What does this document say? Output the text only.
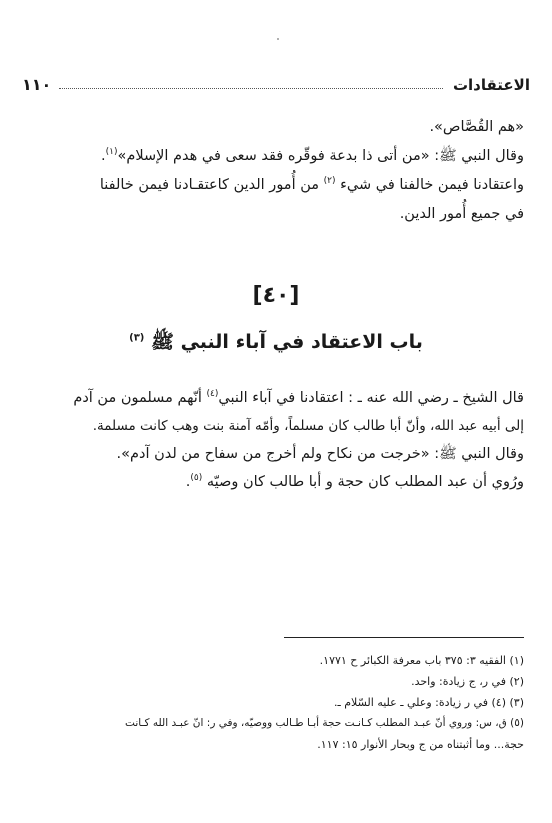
الاعتقادات
١١٠
«هم القُصَّاص».
وقال النبي ﷺ: «من أتى ذا بدعة فوقّره فقد سعى في هدم الإسلام»$^{(١)}$.
واعتقادنا فيمن خالفنا في شيء $^{(٢)}$ من أُمور الدين كاعتقـادنا فيمن خالفنا
في جميع أُمور الدين.
[٤٠]
باب الاعتقاد في آباء النبي ﷺ $^{(٣)}$
قال الشيخ ـ رضي الله عنه ـ : اعتقادنا في آباء النبي$^{(٤)}$ أنّهم مسلمون من آدم
إلى أبيه عبد الله، وأنّ أبا طالب كان مسلماً، وأمّه آمنة بنت وهب كانت مسلمة.
وقال النبي ﷺ: «خرجت من نكاح ولم أخرج من سفاح من لدن آدم».
ورُوي أن عبد المطلب كان حجة و أبا طالب كان وصيّه $^{(٥)}$.
(١) الفقيه ٣: ٣٧٥ باب معرفة الكبائر ح ١٧٧١.
(٢) في ر، ج زيادة: واحد.
(٣) (٤) في ر زيادة: وعلي ـ عليه السّلام ـ.
(٥) ق، س: وروي أنّ عبـد المطلب كـانـت حجة أبـا طـالب ووصيّه، وفي ر: انّ عبـد الله كـانت
حجة... وما أثبتناه من ج وبحار الأنوار ١٥: ١١٧.
